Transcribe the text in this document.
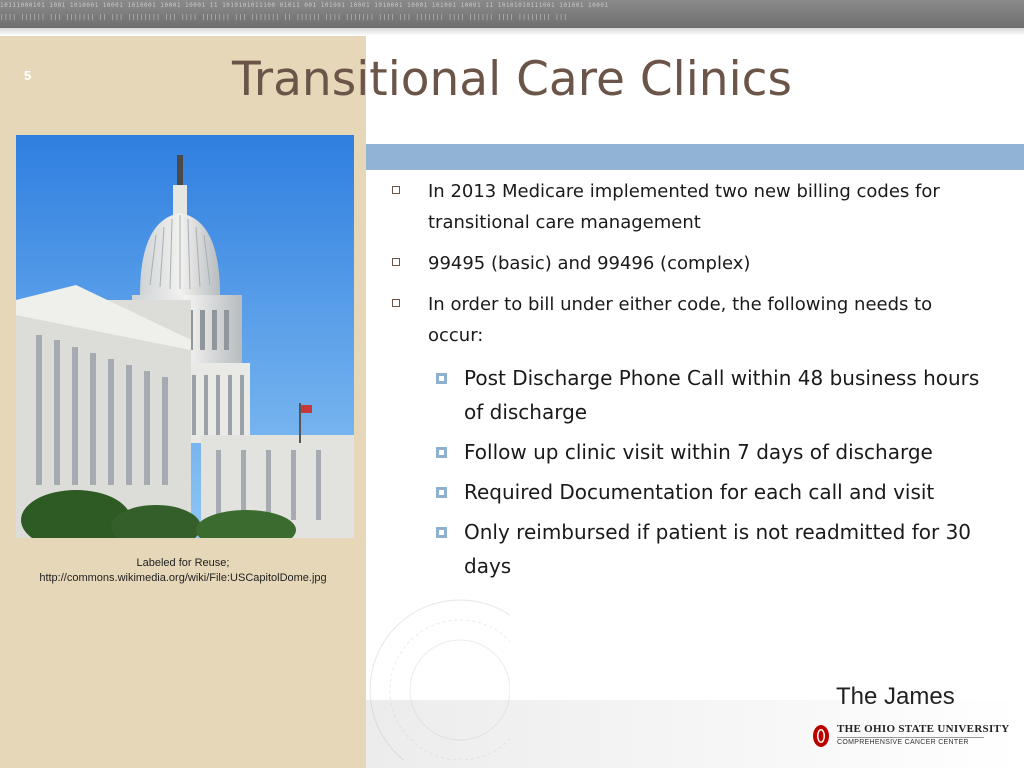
10111000101 1001 1010001 10001 1010001 10001 10001 11 1010101011100 01011 001 101001 10001 1010001 10001 101001 10001 11 10101010111001 101001 10001
|||| |||||| ||| ||||||| || ||| |||||||| ||| |||| ||||||| ||| ||||||| || |||||| |||| ||||||| |||| ||| ||||||| |||| |||||| |||| |||||||| |||
5	Transitional Care Clinics
Labeled for Reuse;
http://commons.wikimedia.org/wiki/File:USCapitolDome.jpg
In 2013 Medicare implemented two new billing codes for transitional care management
99495 (basic) and 99496 (complex)
In order to bill under either code, the following needs to occur:
Post Discharge Phone Call within 48 business hours of discharge
Follow up clinic visit within 7 days of discharge
Required Documentation for each call and visit
Only reimbursed if patient is not readmitted for 30 days
The James
THE OHIO STATE UNIVERSITY
COMPREHENSIVE CANCER CENTER
